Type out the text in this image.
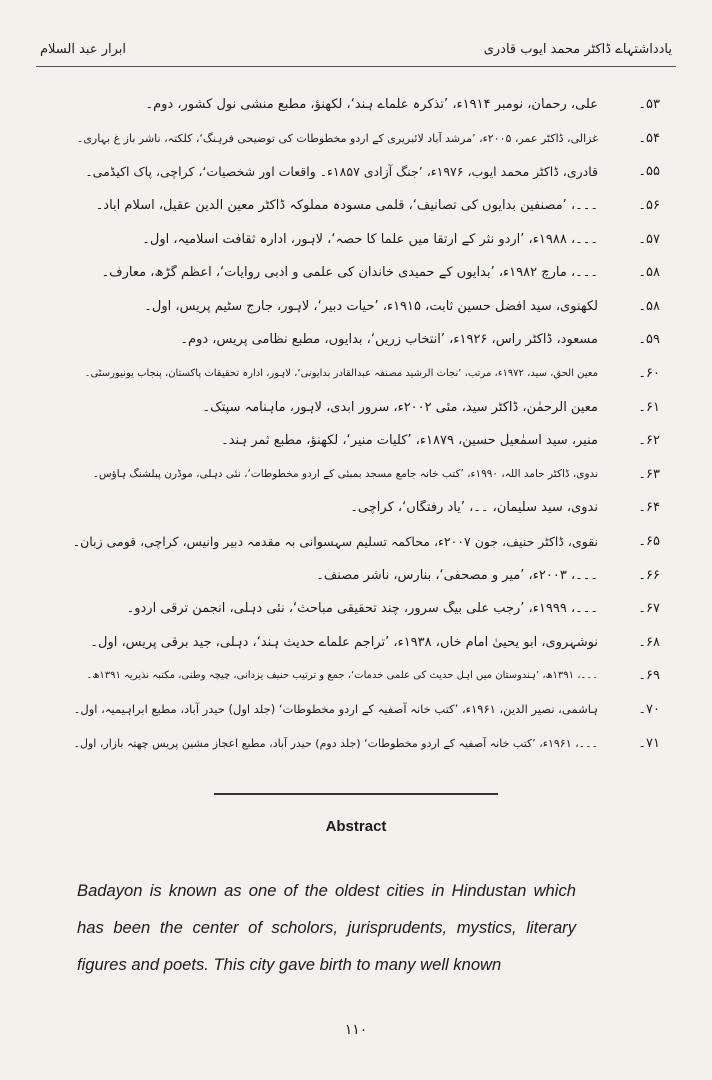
یادداشتہاے ڈاکٹر محمد ایوب قادری
ابرار عبد السلام
۵۳۔
علی، رحمان، نومبر ۱۹۱۴ء، ’تذکرہ علماے ہند‘، لکھنؤ، مطبع منشی نول کشور، دوم۔
۵۴۔
غزالی، ڈاکٹر عمر، ۲۰۰۵ء، ’مرشد آباد لائبریری کے اردو مخطوطات کی توضیحی فرہنگ‘، کلکتہ، ناشر باز غ بہاری۔
۵۵۔
قادری، ڈاکٹر محمد ایوب، ۱۹۷۶ء، ’جنگ آزادی ۱۸۵۷ء۔ واقعات اور شخصیات‘، کراچی، پاک اکیڈمی۔
۵۶۔
۔۔۔، ’مصنفین بدایوں کی تصانیف‘، قلمی مسودہ مملوکہ ڈاکٹر معین الدین عقیل، اسلام آباد۔
۵۷۔
۔۔۔، ۱۹۸۸ء، ’اردو نثر کے ارتقا میں علما کا حصہ‘، لاہور، ادارہ ثقافت اسلامیہ، اول۔
۵۸۔
۔۔۔، مارچ ۱۹۸۲ء، ’بدایوں کے حمیدی خاندان کی علمی و ادبی روایات‘، اعظم گڑھ، معارف۔
۵۸۔
لکھنوی، سید افضل حسین ثابت، ۱۹۱۵ء، ’حیات دبیر‘، لاہور، جارج سٹیم پریس، اول۔
۵۹۔
مسعود، ڈاکٹر راس، ۱۹۲۶ء، ’انتخاب زریں‘، بدایوں، مطبع نظامی پریس، دوم۔
۶۰۔
معین الحق، سید، ۱۹۷۲ء، مرتب، ’نجات الرشید مصنفہ عبدالقادر بدایونی‘، لاہور، ادارہ تحقیقات پاکستان، پنجاب یونیورسٹی۔
۶۱۔
معین الرحمٰن، ڈاکٹر سید، مئی ۲۰۰۲ء، سرور ابدی، لاہور، ماہنامہ سپتک۔
۶۲۔
منیر، سید اسمٰعیل حسین، ۱۸۷۹ء، ’کلیات منیر‘، لکھنؤ، مطبع ثمر ہند۔
۶۳۔
ندوی، ڈاکٹر حامد اللہ، ۱۹۹۰ء، ’کتب خانہ جامع مسجد بمبئی کے اردو مخطوطات‘، نئی دہلی، موڈرن پبلشنگ ہاؤس۔
۶۴۔
ندوی، سید سلیمان، ۔۔، ’یاد رفتگاں‘، کراچی۔
۶۵۔
نقوی، ڈاکٹر حنیف، جون ۲۰۰۷ء، محاکمہ تسلیم سہسوانی بہ مقدمہ دبیر وانیس، کراچی، قومی زبان۔
۶۶۔
۔۔۔، ۲۰۰۳ء، ’میر و مصحفی‘، بنارس، ناشر مصنف۔
۶۷۔
۔۔۔، ۱۹۹۹ء، ’رجب علی بیگ سرور، چند تحقیقی مباحث‘، نئی دہلی، انجمن ترقی اردو۔
۶۸۔
نوشہروی، ابو یحییٰ امام خاں، ۱۹۳۸ء، ’تراجم علماے حدیث ہند‘، دہلی، جید برقی پریس، اول۔
۶۹۔
۔۔۔، ۱۳۹۱ھ، ’ہندوستان میں اہل حدیث کی علمی خدمات‘، جمع و ترتیب حنیف یزدانی، چیچہ وطنی، مکتبہ نذیریہ ۱۳۹۱ھ۔
۷۰۔
ہاشمی، نصیر الدین، ۱۹۶۱ء، ’کتب خانہ آصفیہ کے اردو مخطوطات‘ (جلد اول) حیدر آباد، مطبع ابراہیمیہ، اول۔
۷۱۔
۔۔۔، ۱۹۶۱ء، ’کتب خانہ آصفیہ کے اردو مخطوطات‘ (جلد دوم) حیدر آباد، مطبع اعجاز مشین پریس چھتہ بازار، اول۔
Abstract
Badayon is known as one of the oldest cities in Hindustan which has been the center of scholors, jurisprudents, mystics, literary figures and poets. This city gave birth to many well known
۱۱۰
